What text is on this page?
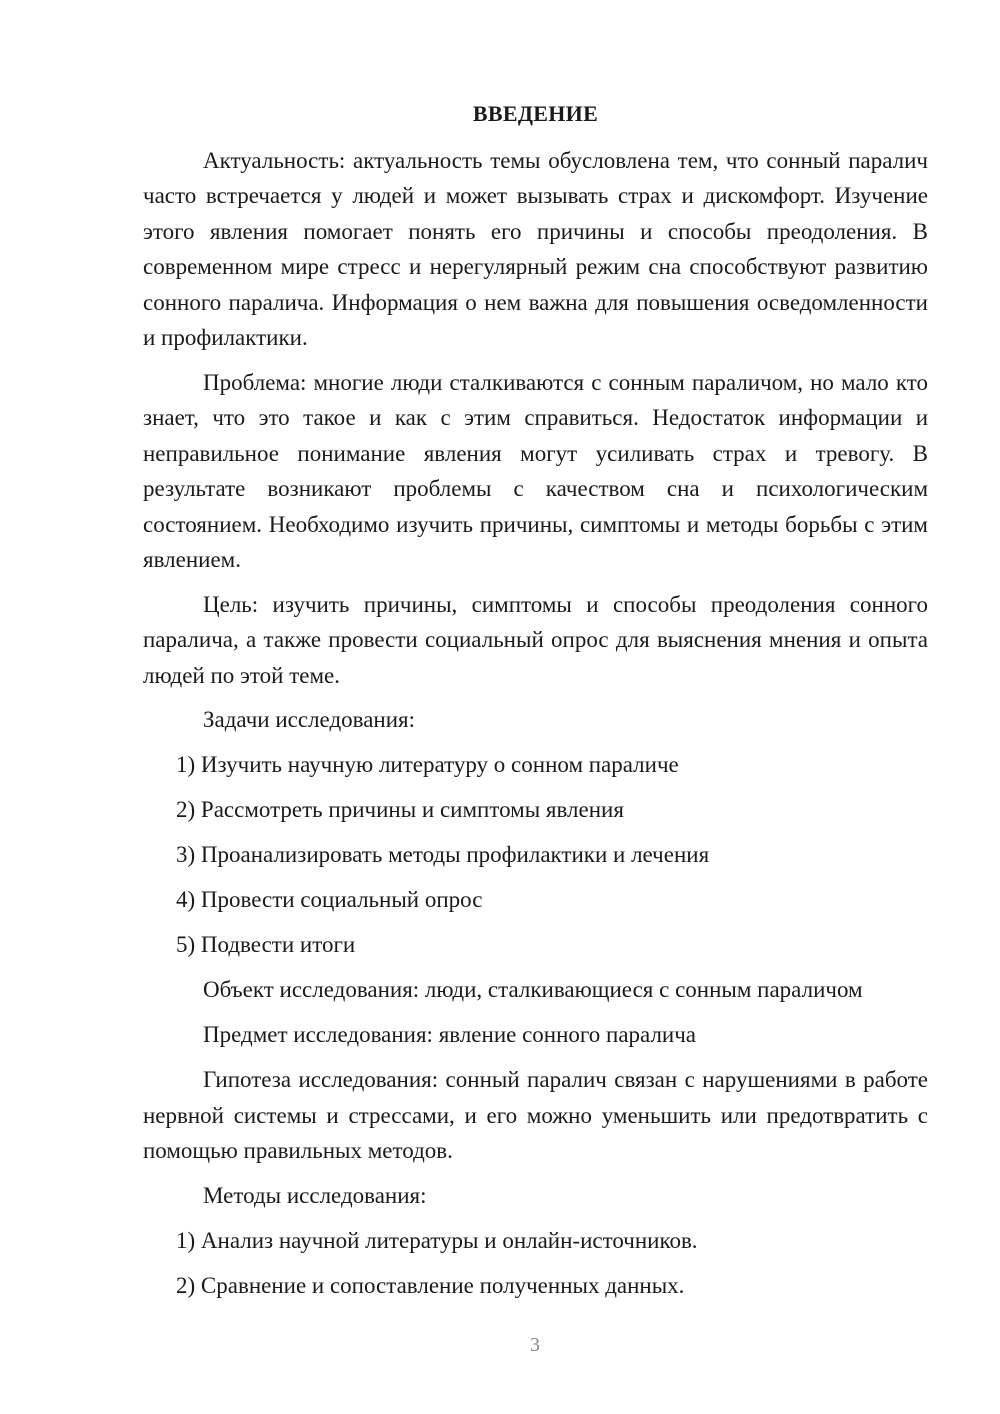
ВВЕДЕНИЕ

Актуальность: актуальность темы обусловлена тем, что сонный паралич часто встречается у людей и может вызывать страх и дискомфорт. Изучение этого явления помогает понять его причины и способы преодоления. В современном мире стресс и нерегулярный режим сна способствуют развитию сонного паралича. Информация о нем важна для повышения осведомленности и профилактики.

Проблема: многие люди сталкиваются с сонным параличом, но мало кто знает, что это такое и как с этим справиться. Недостаток информации и неправильное понимание явления могут усиливать страх и тревогу. В результате возникают проблемы с качеством сна и психологическим состоянием. Необходимо изучить причины, симптомы и методы борьбы с этим явлением.

Цель: изучить причины, симптомы и способы преодоления сонного паралича, а также провести социальный опрос для выяснения мнения и опыта людей по этой теме.

Задачи исследования:
1) Изучить научную литературу о сонном параличе
2) Рассмотреть причины и симптомы явления
3) Проанализировать методы профилактики и лечения
4) Провести социальный опрос
5) Подвести итоги
Объект исследования: люди, сталкивающиеся с сонным параличом
Предмет исследования: явление сонного паралича

Гипотеза исследования: сонный паралич связан с нарушениями в работе нервной системы и стрессами, и его можно уменьшить или предотвратить с помощью правильных методов.

Методы исследования:
1) Анализ научной литературы и онлайн-источников.
2) Сравнение и сопоставление полученных данных.
3
